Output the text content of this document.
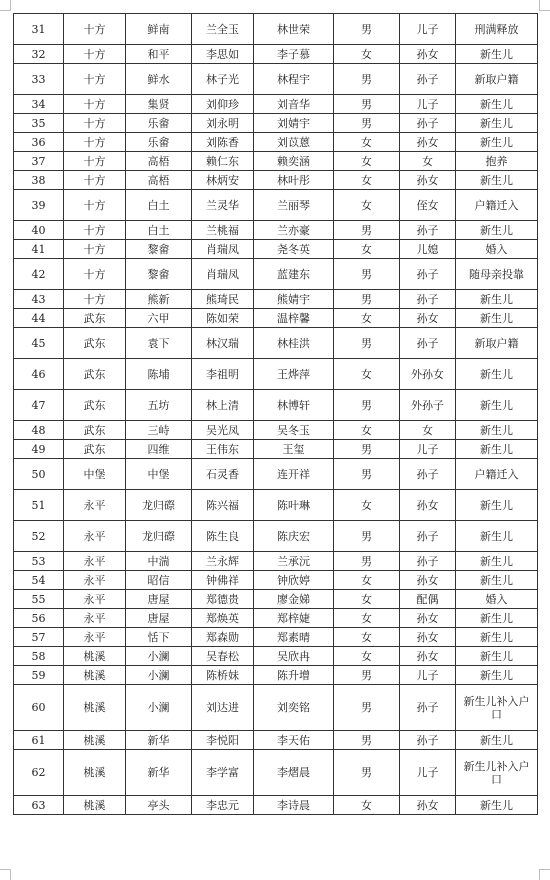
31	十方	鲜南	兰全玉	林世荣	男	儿子	刑满释放
32	十方	和平	李思如	李子慕	女	孙女	新生儿
33	十方	鲜水	林子光	林程宇	男	孙子	新取户籍
34	十方	集贤	刘仰珍	刘音华	男	儿子	新生儿
35	十方	乐畲	刘永明	刘婧宇	男	孙子	新生儿
36	十方	乐畲	刘陈香	刘苡蒽	女	孙女	新生儿
37	十方	高梧	赖仁东	赖奕涵	女	女	抱养
38	十方	高梧	林炳安	林叶彤	女	孙女	新生儿
39	十方	白土	兰灵华	兰丽琴	女	侄女	户籍迁入
40	十方	白土	兰桃福	兰亦豪	男	孙子	新生儿
41	十方	黎畲	肖瑞凤	尧冬英	女	儿媳	婚入
42	十方	黎畲	肖瑞凤	蓝建东	男	孙子	随母亲投靠
43	十方	熊新	熊琦民	熊婧宇	男	孙子	新生儿
44	武东	六甲	陈如荣	温梓馨	女	孙女	新生儿
45	武东	袁下	林汉瑞	林桂洪	男	孙子	新取户籍
46	武东	陈埔	李祖明	王烨萍	女	外孙女	新生儿
47	武东	五坊	林上清	林博轩	男	外孙子	新生儿
48	武东	三峙	吴光凤	吴冬玉	女	女	新生儿
49	武东	四维	王伟东	王玺	男	儿子	新生儿
50	中堡	中堡	石灵香	连开祥	男	孙子	户籍迁入
51	永平	龙归磜	陈兴福	陈叶琳	女	孙女	新生儿
52	永平	龙归磜	陈生良	陈庆宏	男	孙子	新生儿
53	永平	中湍	兰永辉	兰承沅	男	孙子	新生儿
54	永平	昭信	钟佛祥	钟欣婷	女	孙女	新生儿
55	永平	唐屋	郑德贵	廖金娣	女	配偶	婚入
56	永平	唐屋	郑焕英	郑梓婕	女	孙女	新生儿
57	永平	恬下	郑森勋	郑素晴	女	孙女	新生儿
58	桃溪	小澜	吴春松	吴欣冉	女	孙女	新生儿
59	桃溪	小澜	陈桥妹	陈升增	男	儿子	新生儿
60	桃溪	小澜	刘达进	刘奕铭	男	孙子	新生儿补入户口
61	桃溪	新华	李悦阳	李天佑	男	孙子	新生儿
62	桃溪	新华	李学富	李熠晨	男	儿子	新生儿补入户口
63	桃溪	亭头	李忠元	李诗晨	女	孙女	新生儿
